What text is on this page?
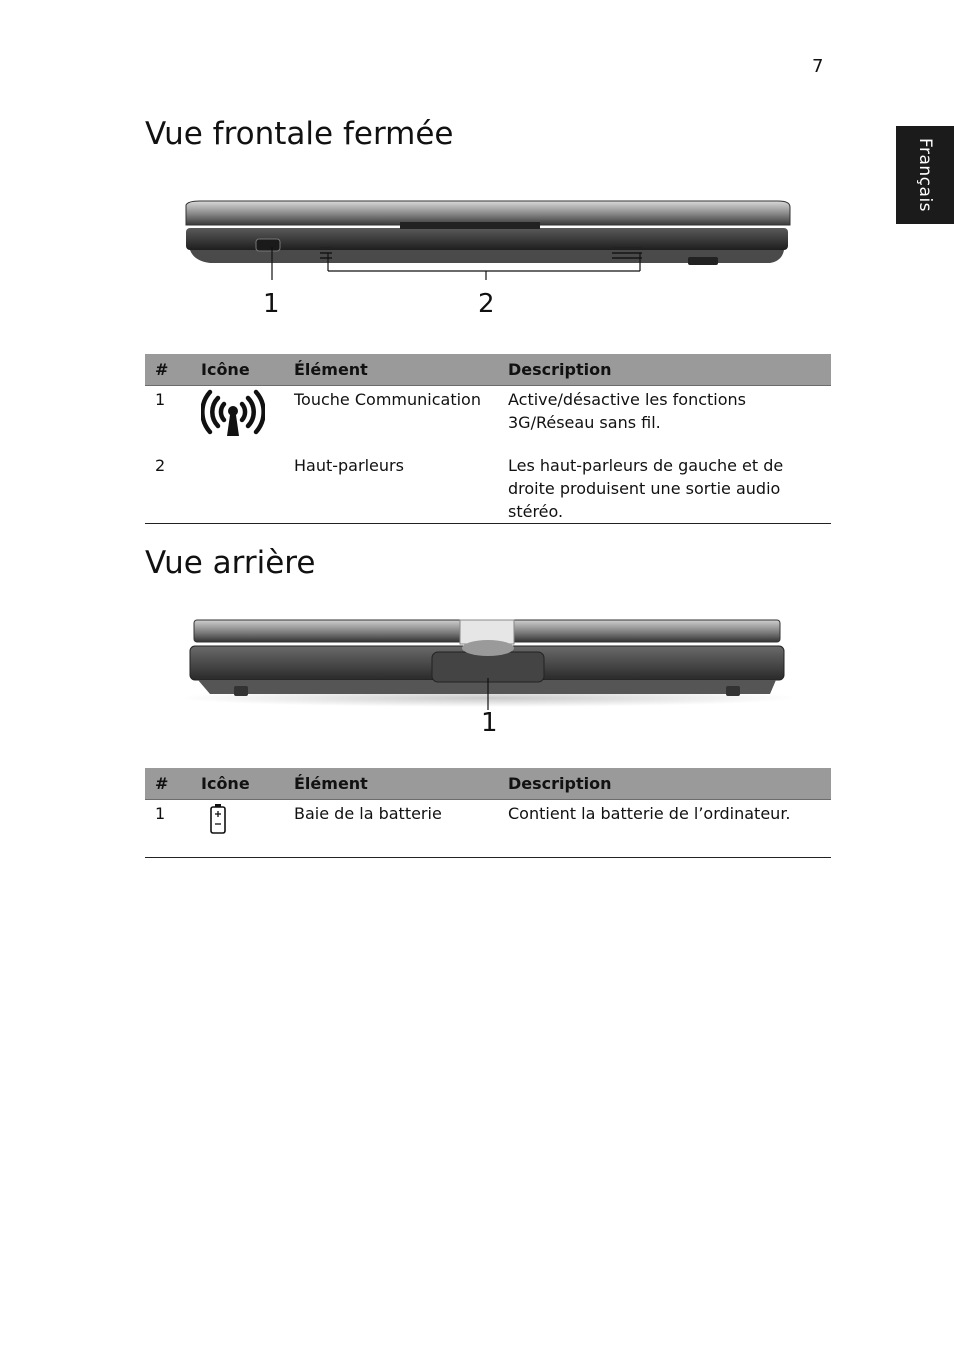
7
Français
Vue frontale fermée
1	2
#	Icône	Élément	Description
1		Touche Communication	Active/désactive les fonctions 3G/Réseau sans fil.
2		Haut-parleurs	Les haut-parleurs de gauche et de droite produisent une sortie audio stéréo.
Vue arrière
1
#	Icône	Élément	Description
1		Baie de la batterie	Contient la batterie de l’ordinateur.
